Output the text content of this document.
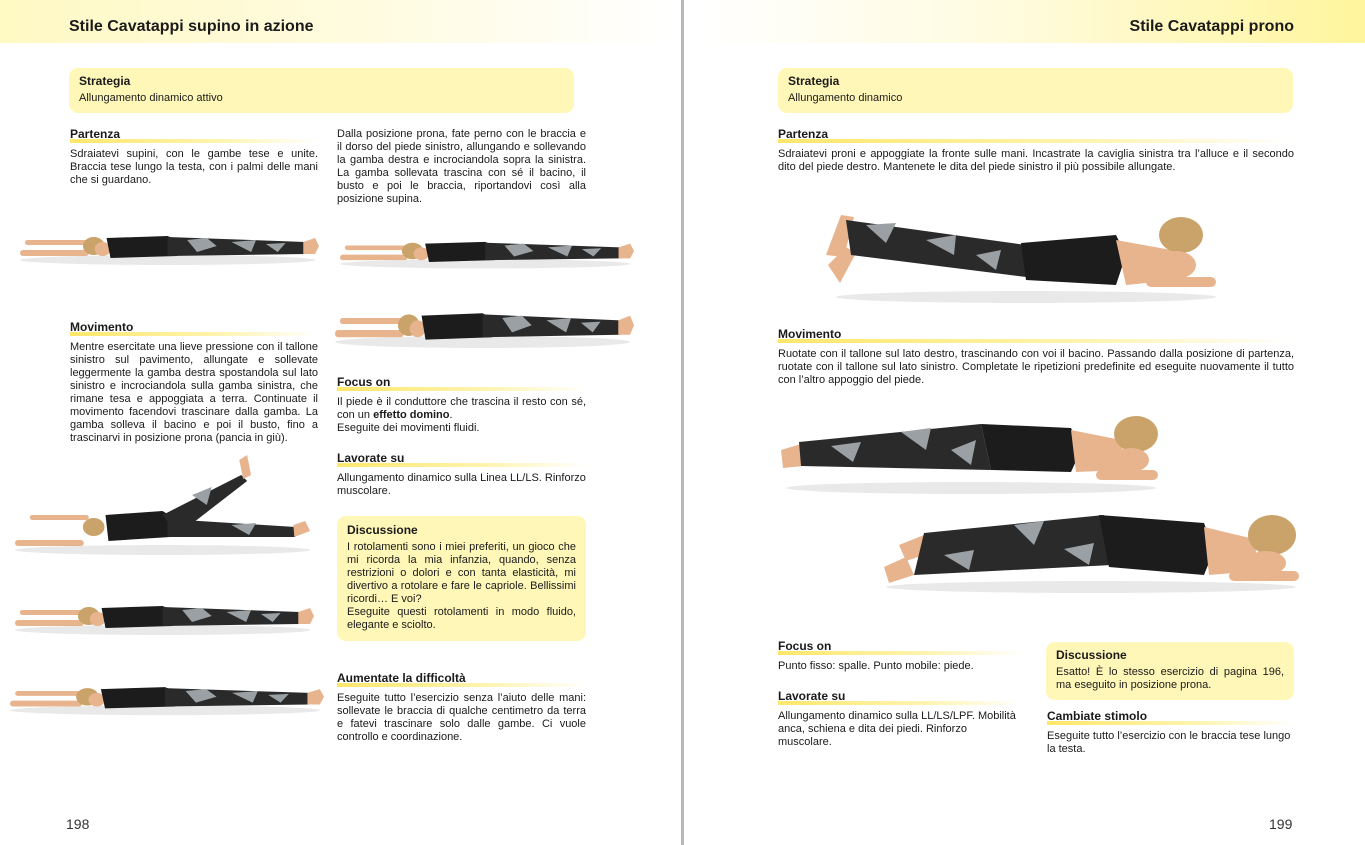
Stile Cavatappi supino in azione
Strategia
Allungamento dinamico attivo
Partenza
Sdraiatevi supini, con le gambe tese e unite. Braccia tese lungo la testa, con i palmi delle mani che si guardano.
Dalla posizione prona, fate perno con le braccia e il dorso del piede sinistro, allungando e sollevando la gamba destra e incrociandola sopra la sinistra. La gamba sollevata trascina con sé il bacino, il busto e poi le braccia, riportandovi così alla posizione supina.
Movimento
Mentre esercitate una lieve pressione con il tallone sinistro sul pavimento, allungate e sollevate leggermente la gamba destra spostandola sul lato sinistro e incrociandola sulla gamba sinistra, che rimane tesa e appoggiata a terra. Continuate il movimento facendovi trascinare dalla gamba. La gamba solleva il bacino e poi il busto, fino a trascinarvi in posizione prona (pancia in giù).
Focus on
Il piede è il conduttore che trascina il resto con sé, con un effetto domino.
Eseguite dei movimenti fluidi.
Lavorate su
Allungamento dinamico sulla Linea LL/LS. Rinforzo muscolare.
Discussione
I rotolamenti sono i miei preferiti, un gioco che mi ricorda la mia infanzia, quando, senza restrizioni o dolori e con tanta elasticità, mi divertivo a rotolare e fare le capriole. Bellissimi ricordi… E voi?
Eseguite questi rotolamenti in modo fluido, elegante e sciolto.
Aumentate la difficoltà
Eseguite tutto l’esercizio senza l’aiuto delle mani: sollevate le braccia di qualche centimetro da terra e fatevi trascinare solo dalle gambe. Ci vuole controllo e coordinazione.
198
Stile Cavatappi prono
Strategia
Allungamento dinamico
Partenza
Sdraiatevi proni e appoggiate la fronte sulle mani. Incastrate la caviglia sinistra tra l’alluce e il secondo dito del piede destro. Mantenete le dita del piede sinistro il più possibile allungate.
Movimento
Ruotate con il tallone sul lato destro, trascinando con voi il bacino. Passando dalla posizione di partenza, ruotate con il tallone sul lato sinistro. Completate le ripetizioni predefinite ed eseguite nuovamente il tutto con l’altro appoggio del piede.
Focus on
Punto fisso: spalle. Punto mobile: piede.
Lavorate su
Allungamento dinamico sulla LL/LS/LPF. Mobilità anca, schiena e dita dei piedi. Rinforzo muscolare.
Discussione
Esatto! È lo stesso esercizio di pagina 196, ma eseguito in posizione prona.
Cambiate stimolo
Eseguite tutto l’esercizio con le braccia tese lungo la testa.
199
